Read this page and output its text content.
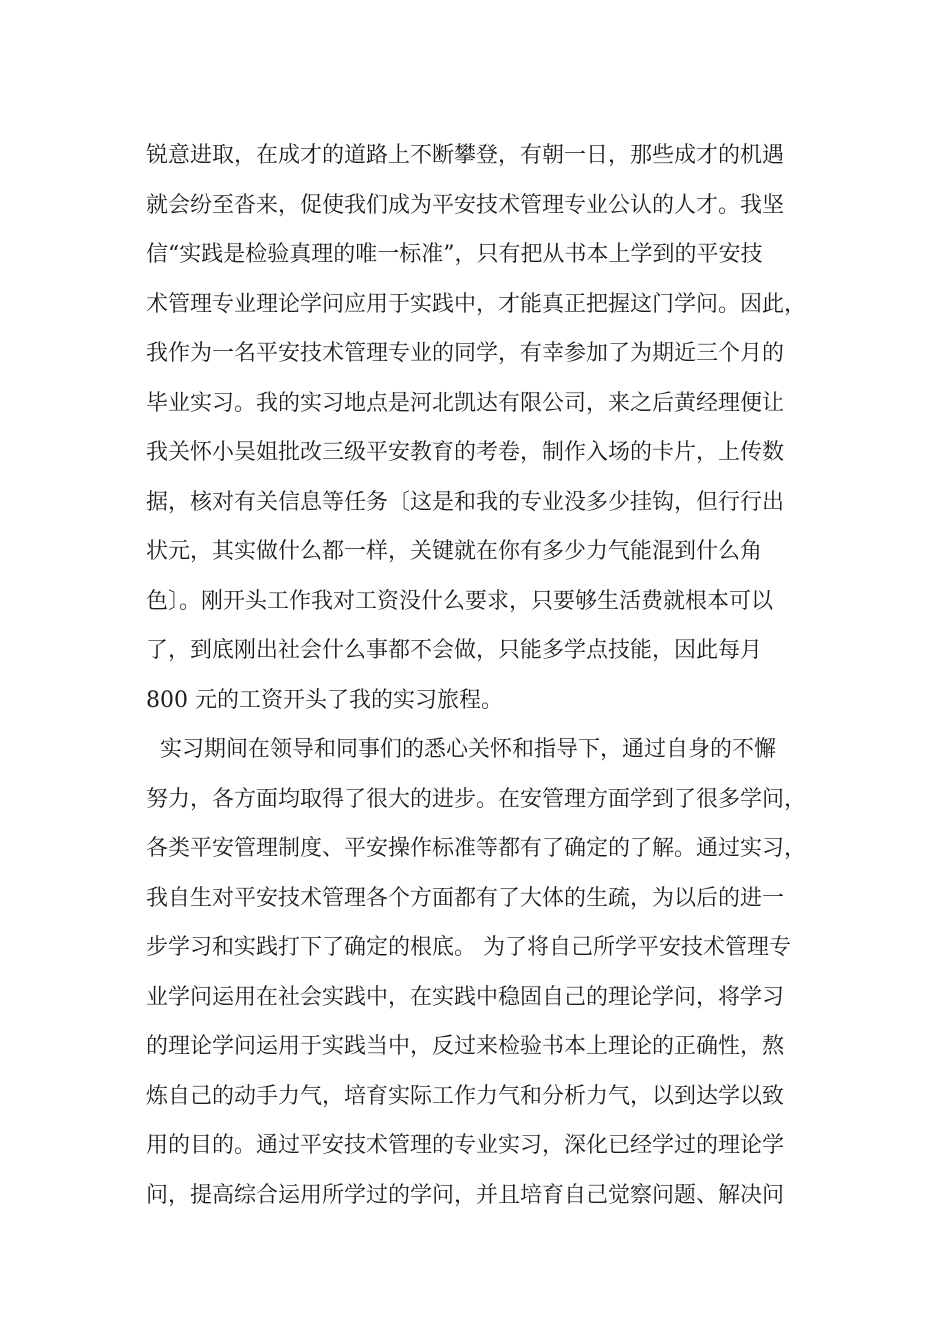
锐意进取，在成才的道路上不断攀登，有朝一日，那些成才的机遇
就会纷至沓来，促使我们成为平安技术管理专业公认的人才。我坚
信“实践是检验真理的唯一标准”，只有把从书本上学到的平安技
术管理专业理论学问应用于实践中，才能真正把握这门学问。因此，
我作为一名平安技术管理专业的同学，有幸参加了为期近三个月的
毕业实习。我的实习地点是河北凯达有限公司，来之后黄经理便让
我关怀小吴姐批改三级平安教育的考卷，制作入场的卡片，上传数
据，核对有关信息等任务〔这是和我的专业没多少挂钩，但行行出
状元，其实做什么都一样，关键就在你有多少力气能混到什么角
色〕。刚开头工作我对工资没什么要求，只要够生活费就根本可以
了，到底刚出社会什么事都不会做，只能多学点技能，因此每月
800 元的工资开头了我的实习旅程。
实习期间在领导和同事们的悉心关怀和指导下，通过自身的不懈
努力，各方面均取得了很大的进步。在安管理方面学到了很多学问，
各类平安管理制度、平安操作标准等都有了确定的了解。通过实习，
我自生对平安技术管理各个方面都有了大体的生疏，为以后的进一
步学习和实践打下了确定的根底。 为了将自己所学平安技术管理专
业学问运用在社会实践中，在实践中稳固自己的理论学问，将学习
的理论学问运用于实践当中，反过来检验书本上理论的正确性，熬
炼自己的动手力气，培育实际工作力气和分析力气，以到达学以致
用的目的。通过平安技术管理的专业实习，深化已经学过的理论学
问，提高综合运用所学过的学问，并且培育自己觉察问题、解决问
